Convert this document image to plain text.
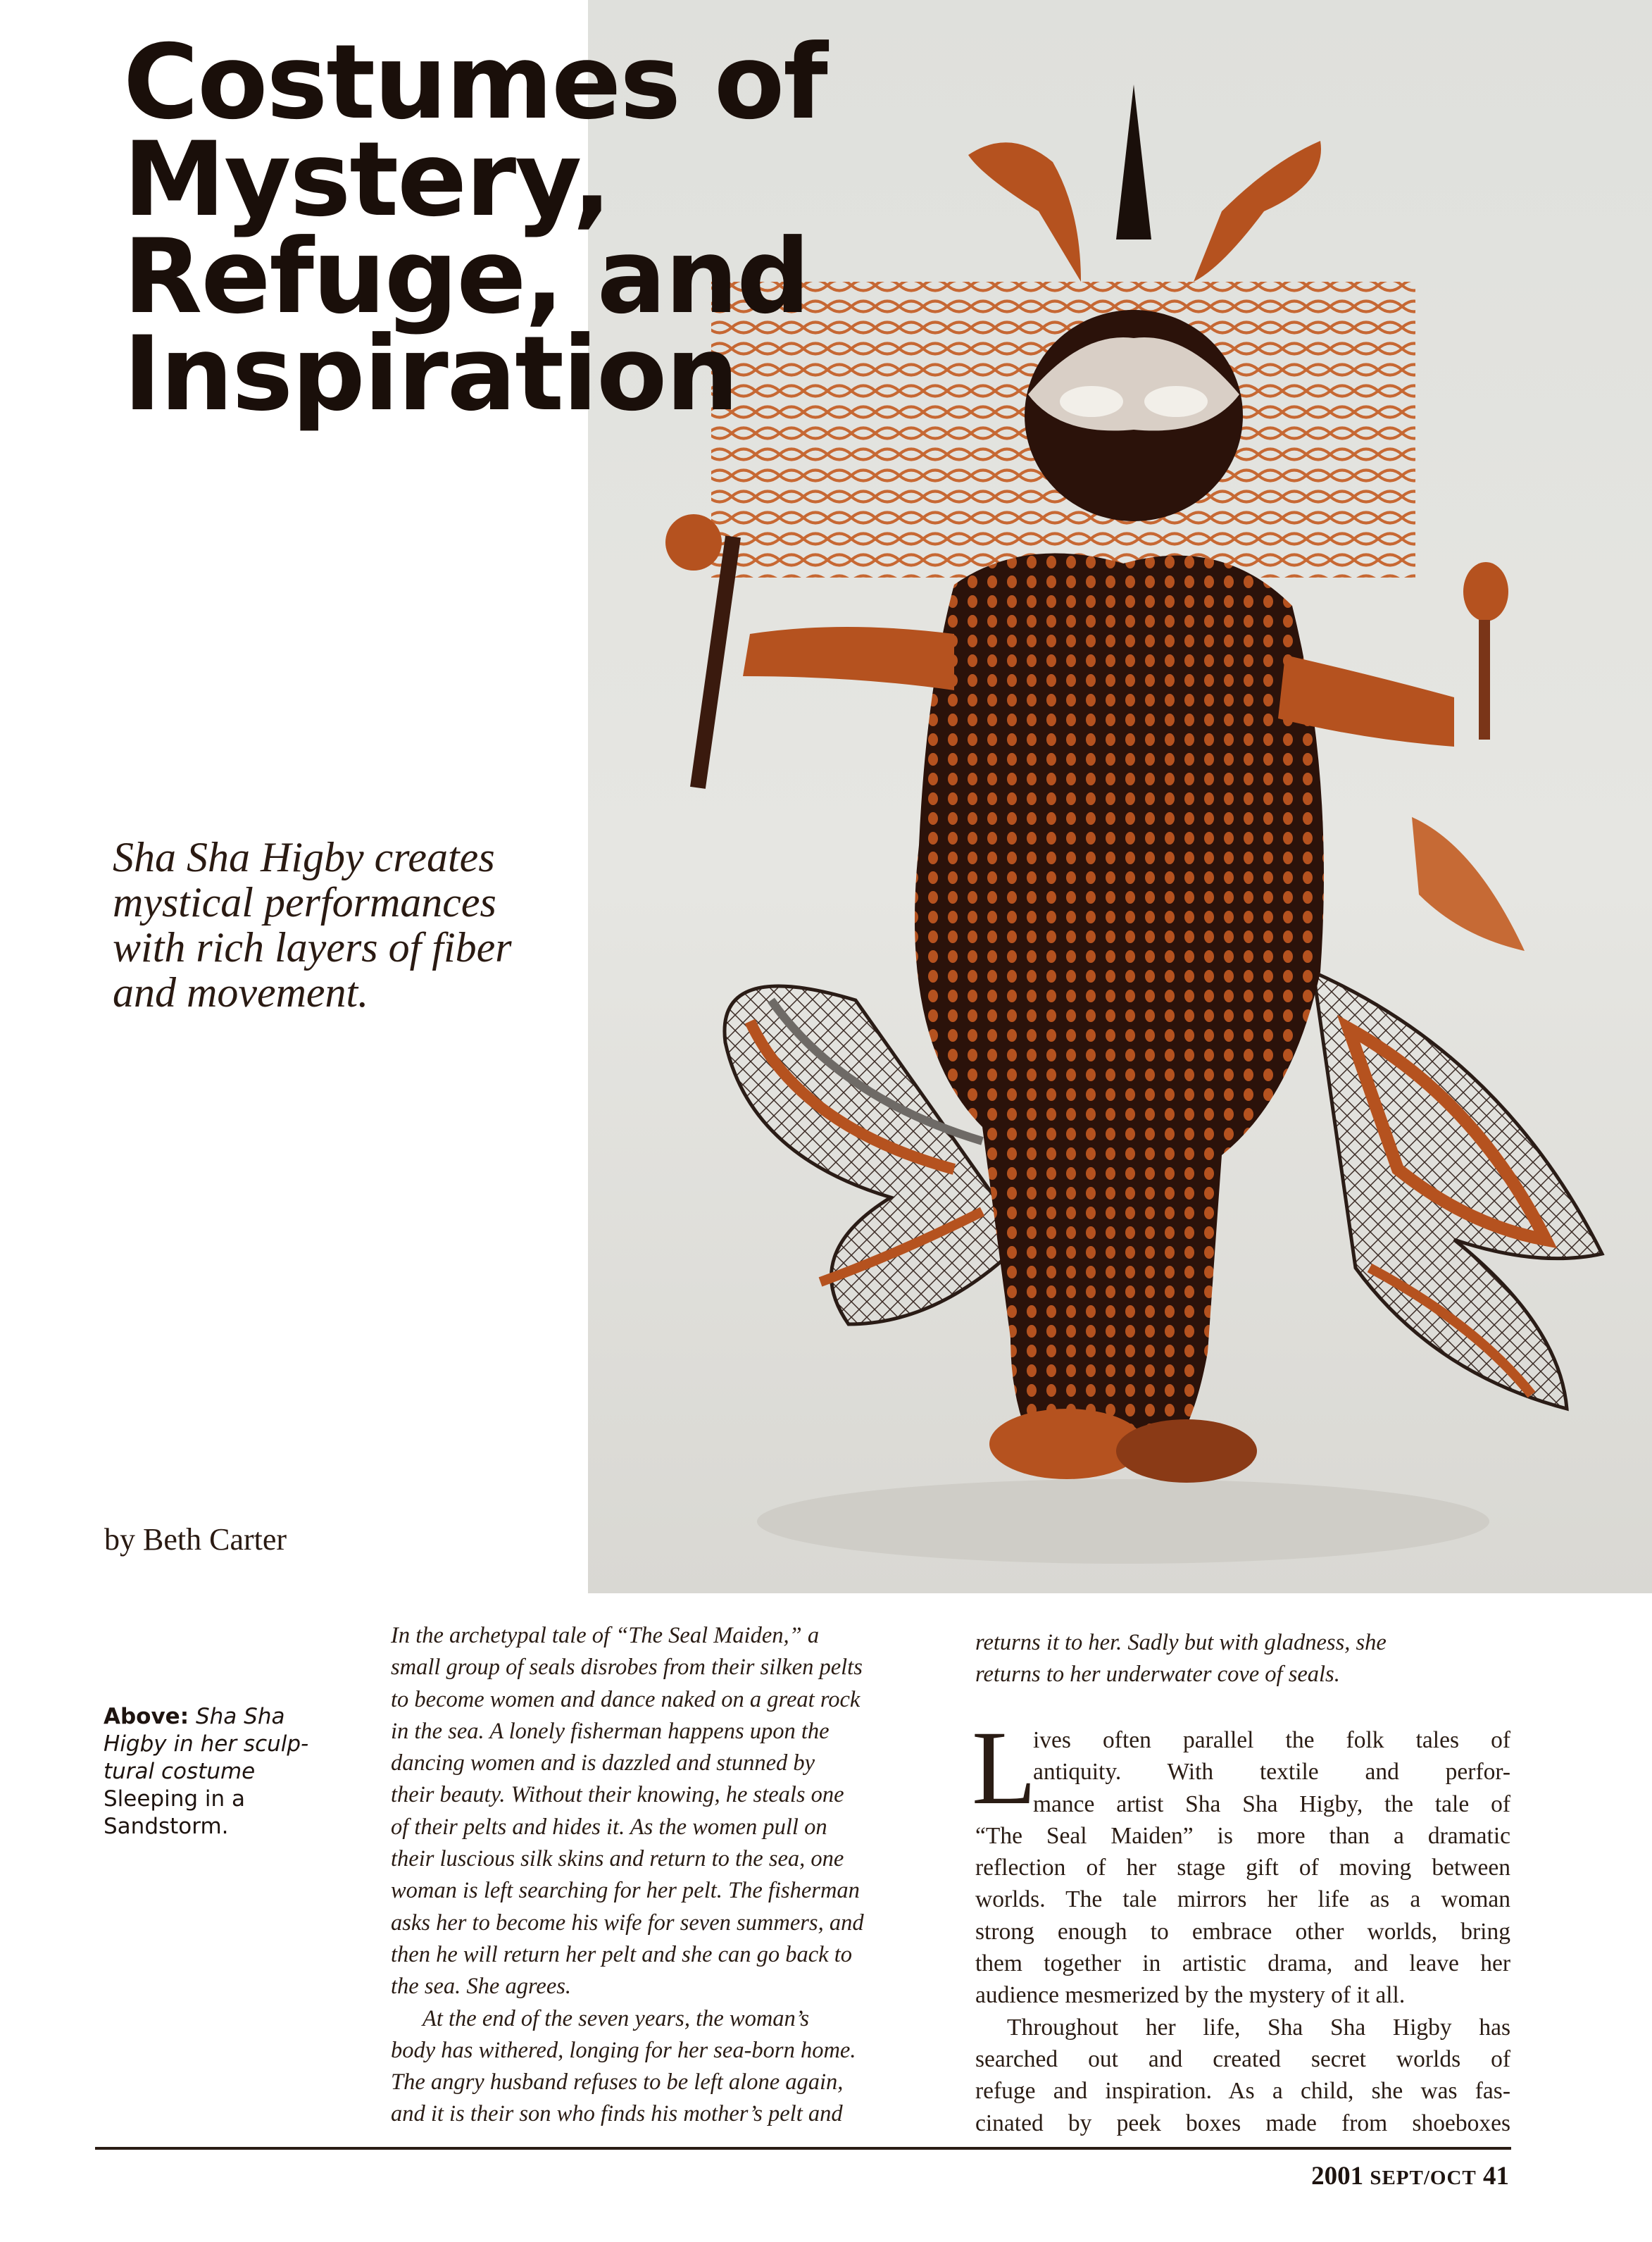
Costumes of
Mystery,
Refuge, and
Inspiration

Sha Sha Higby creates
mystical performances
with rich layers of fiber
and movement.

by Beth Carter
Above: Sha Sha
Higby in her sculp-
tural costume
Sleeping in a
Sandstorm.
In the archetypal tale of “The Seal Maiden,” a
small group of seals disrobes from their silken pelts
to become women and dance naked on a great rock
in the sea. A lonely fisherman happens upon the
dancing women and is dazzled and stunned by
their beauty. Without their knowing, he steals one
of their pelts and hides it. As the women pull on
their luscious silk skins and return to the sea, one
woman is left searching for her pelt. The fisherman
asks her to become his wife for seven summers, and
then he will return her pelt and she can go back to
the sea. She agrees.
At the end of the seven years, the woman’s
body has withered, longing for her sea-born home.
The angry husband refuses to be left alone again,
and it is their son who finds his mother’s pelt and
returns it to her. Sadly but with gladness, she
returns to her underwater cove of seals.
L
ives often parallel the folk tales of
antiquity. With textile and perfor-
mance artist Sha Sha Higby, the tale of
“The Seal Maiden” is more than a dramatic
reflection of her stage gift of moving between
worlds. The tale mirrors her life as a woman
strong enough to embrace other worlds, bring
them together in artistic drama, and leave her
audience mesmerized by the mystery of it all.
Throughout her life, Sha Sha Higby has
searched out and created secret worlds of
refuge and inspiration. As a child, she was fas-
cinated by peek boxes made from shoeboxes
2001 SEPT/OCT 41
